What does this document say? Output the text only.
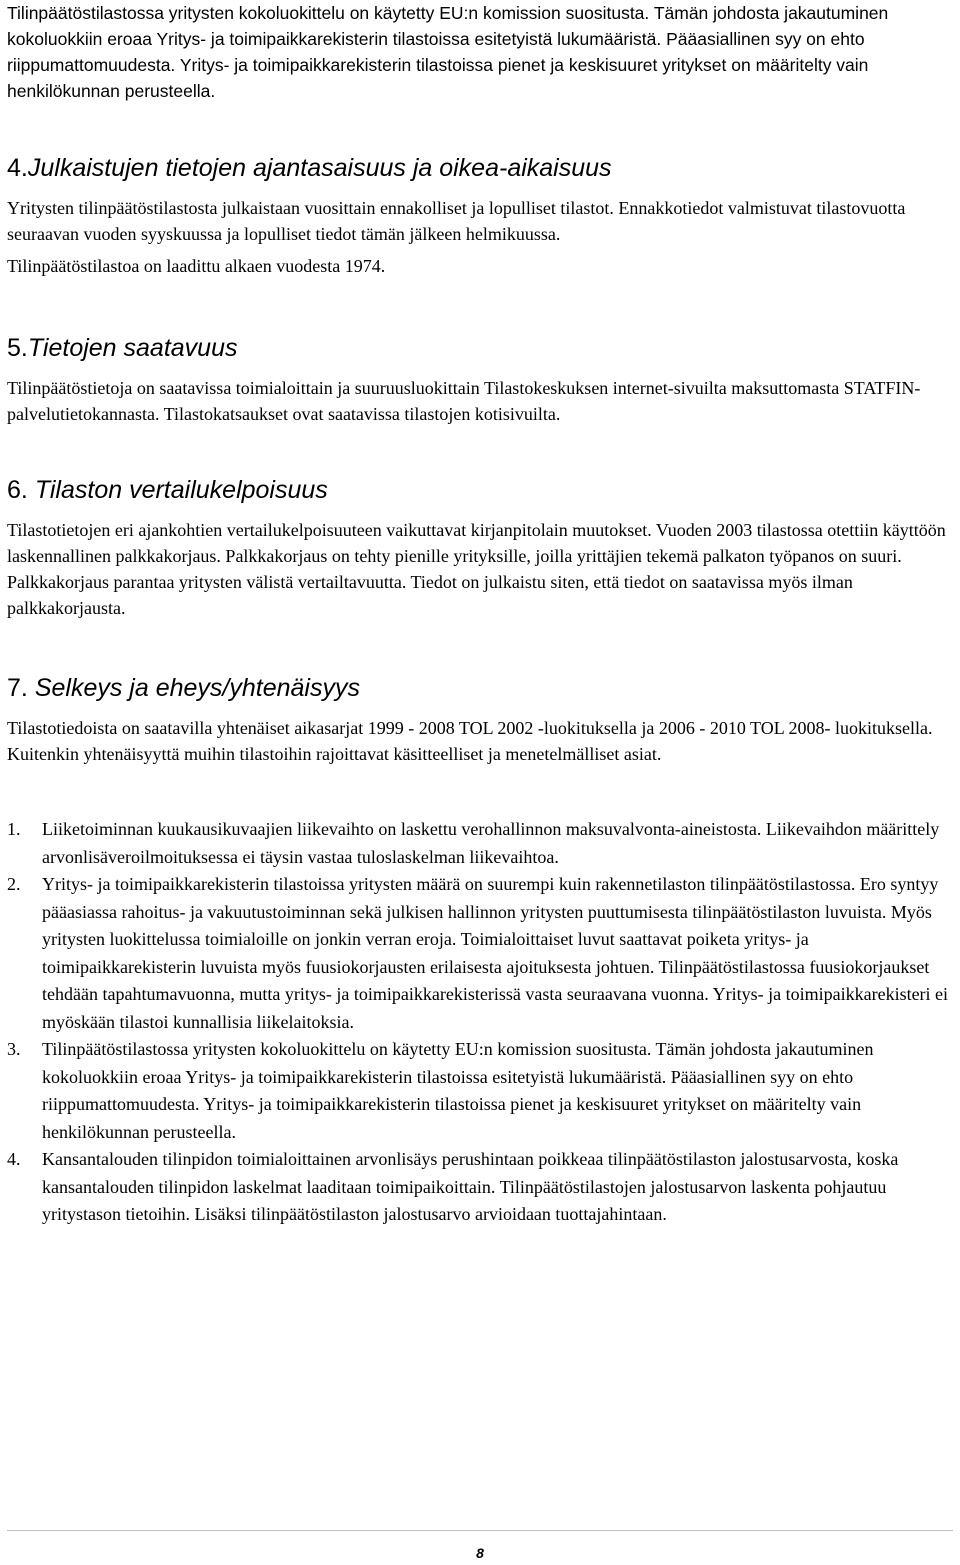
Tilinpäätöstilastossa yritysten kokoluokittelu on käytetty EU:n komission suositusta. Tämän johdosta jakautuminen kokoluokkiin eroaa Yritys- ja toimipaikkarekisterin tilastoissa esitetyistä lukumääristä. Pääasiallinen syy on ehto riippumattomuudesta. Yritys- ja toimipaikkarekisterin tilastoissa pienet ja keskisuuret yritykset on määritelty vain henkilökunnan perusteella.

4.Julkaistujen tietojen ajantasaisuus ja oikea-aikaisuus

Yritysten tilinpäätöstilastosta julkaistaan vuosittain ennakolliset ja lopulliset tilastot. Ennakkotiedot valmistuvat tilastovuotta seuraavan vuoden syyskuussa ja lopulliset tiedot tämän jälkeen helmikuussa.

Tilinpäätöstilastoa on laadittu alkaen vuodesta 1974.

5.Tietojen saatavuus

Tilinpäätöstietoja on saatavissa toimialoittain ja suuruusluokittain Tilastokeskuksen internet-sivuilta maksuttomasta STATFIN-palvelutietokannasta. Tilastokatsaukset ovat saatavissa tilastojen kotisivuilta.

6. Tilaston vertailukelpoisuus

Tilastotietojen eri ajankohtien vertailukelpoisuuteen vaikuttavat kirjanpitolain muutokset. Vuoden 2003 tilastossa otettiin käyttöön laskennallinen palkkakorjaus. Palkkakorjaus on tehty pienille yrityksille, joilla yrittäjien tekemä palkaton työpanos on suuri. Palkkakorjaus parantaa yritysten välistä vertailtavuutta. Tiedot on julkaistu siten, että tiedot on saatavissa myös ilman palkkakorjausta.

7. Selkeys ja eheys/yhtenäisyys

Tilastotiedoista on saatavilla yhtenäiset aikasarjat 1999 - 2008 TOL 2002 -luokituksella ja 2006 - 2010 TOL 2008- luokituksella. Kuitenkin yhtenäisyyttä muihin tilastoihin rajoittavat käsitteelliset ja menetelmälliset asiat.

1. Liiketoiminnan kuukausikuvaajien liikevaihto on laskettu verohallinnon maksuvalvonta-aineistosta. Liikevaihdon määrittely arvonlisäveroilmoituksessa ei täysin vastaa tuloslaskelman liikevaihtoa.
2. Yritys- ja toimipaikkarekisterin tilastoissa yritysten määrä on suurempi kuin rakennetilaston tilinpäätöstilastossa. Ero syntyy pääasiassa rahoitus- ja vakuutustoiminnan sekä julkisen hallinnon yritysten puuttumisesta tilinpäätöstilaston luvuista. Myös yritysten luokittelussa toimialoille on jonkin verran eroja. Toimialoittaiset luvut saattavat poiketa yritys- ja toimipaikkarekisterin luvuista myös fuusiokorjausten erilaisesta ajoituksesta johtuen. Tilinpäätöstilastossa fuusiokorjaukset tehdään tapahtumavuonna, mutta yritys- ja toimipaikkarekisterissä vasta seuraavana vuonna. Yritys- ja toimipaikkarekisteri ei myöskään tilastoi kunnallisia liikelaitoksia.
3. Tilinpäätöstilastossa yritysten kokoluokittelu on käytetty EU:n komission suositusta. Tämän johdosta jakautuminen kokoluokkiin eroaa Yritys- ja toimipaikkarekisterin tilastoissa esitetyistä lukumääristä. Pääasiallinen syy on ehto riippumattomuudesta. Yritys- ja toimipaikkarekisterin tilastoissa pienet ja keskisuuret yritykset on määritelty vain henkilökunnan perusteella.
4. Kansantalouden tilinpidon toimialoittainen arvonlisäys perushintaan poikkeaa tilinpäätöstilaston jalostusarvosta, koska kansantalouden tilinpidon laskelmat laaditaan toimipaikoittain. Tilinpäätöstilastojen jalostusarvon laskenta pohjautuu yritystason tietoihin. Lisäksi tilinpäätöstilaston jalostusarvo arvioidaan tuottajahintaan.
8
